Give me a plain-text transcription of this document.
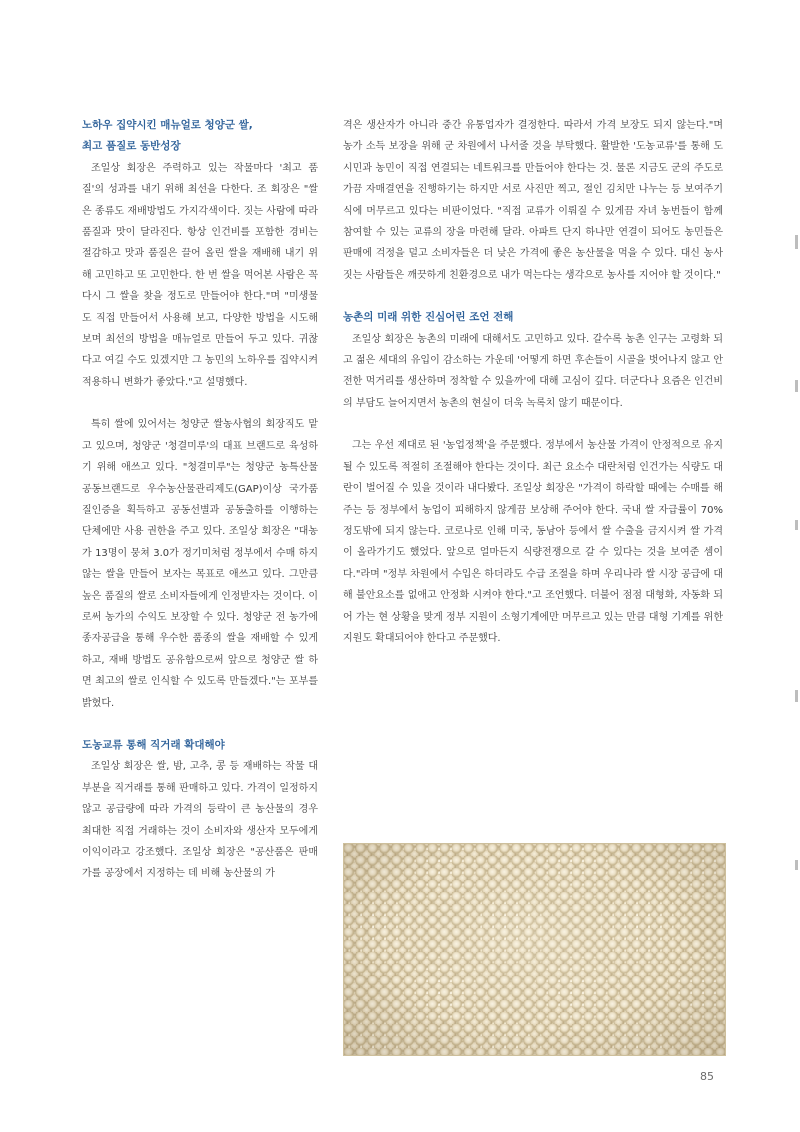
노하우 집약시킨 매뉴얼로 청양군 쌀,

최고 품질로 동반성장

조일상 회장은 주력하고 있는 작물마다 '최고 품질'의 성과를 내기 위해 최선을 다한다. 조 회장은 "쌀은 종류도 재배방법도 가지각색이다. 짓는 사람에 따라 품질과 맛이 달라진다. 항상 인건비를 포함한 경비는 절감하고 맛과 품질은 끌어 올린 쌀을 재배해 내기 위해 고민하고 또 고민한다. 한 번 쌀을 먹어본 사람은 꼭 다시 그 쌀을 찾을 정도로 만들어야 한다."며 "미생물도 직접 만들어서 사용해 보고, 다양한 방법을 시도해 보며 최선의 방법을 매뉴얼로 만들어 두고 있다. 귀찮다고 여길 수도 있겠지만 그 농민의 노하우를 집약시켜 적용하니 변화가 좋았다."고 설명했다.

특히 쌀에 있어서는 청양군 쌀농사협의 회장직도 맡고 있으며, 청양군 '청결미루'의 대표 브랜드로 육성하기 위해 애쓰고 있다. "청결미루"는 청양군 농특산물 공동브랜드로 우수농산물관리제도(GAP)이상 국가품질인증을 획득하고 공동선별과 공동출하를 이행하는 단체에만 사용 권한을 주고 있다. 조일상 회장은 "대농가 13명이 뭉쳐 3.0가 정기미처럼 정부에서 수매 하지 않는 쌀을 만들어 보자는 목표로 애쓰고 있다. 그만큼 높은 품질의 쌀로 소비자들에게 인정받자는 것이다. 이로써 농가의 수익도 보장할 수 있다. 청양군 전 농가에 종자공급을 통해 우수한 품종의 쌀을 재배할 수 있게 하고, 재배 방법도 공유함으로써 앞으로 청양군 쌀 하면 최고의 쌀로 인식할 수 있도록 만들겠다."는 포부를 밝혔다.

도농교류 통해 직거래 확대해야

조일상 회장은 쌀, 밤, 고추, 콩 등 재배하는 작물 대부분을 직거래를 통해 판매하고 있다. 가격이 일정하지 않고 공급량에 따라 가격의 등락이 큰 농산물의 경우 최대한 직접 거래하는 것이 소비자와 생산자 모두에게 이익이라고 강조했다. 조일상 회장은 "공산품은 판매가를 공장에서 지정하는 데 비해 농산물의 가

격은 생산자가 아니라 중간 유통업자가 결정한다. 따라서 가격 보장도 되지 않는다."며 농가 소득 보장을 위해 군 차원에서 나서줄 것을 부탁했다. 활발한 '도농교류'를 통해 도시민과 농민이 직접 연결되는 네트워크를 만들어야 한다는 것. 물론 지금도 군의 주도로 가끔 자매결연을 진행하기는 하지만 서로 사진만 찍고, 절인 김치만 나누는 등 보여주기 식에 머무르고 있다는 비판이었다. "직접 교류가 이뤄질 수 있게끔 자녀 농번들이 함께 참여할 수 있는 교류의 장을 마련해 달라. 아파트 단지 하나만 연결이 되어도 농민들은 판매에 걱정을 덜고 소비자들은 더 낮은 가격에 좋은 농산물을 먹을 수 있다. 대신 농사 짓는 사람들은 깨끗하게 친환경으로 내가 먹는다는 생각으로 농사를 지어야 할 것이다."

농촌의 미래 위한 진심어린 조언 전해

조일상 회장은 농촌의 미래에 대해서도 고민하고 있다. 갈수록 농촌 인구는 고령화 되고 젊은 세대의 유입이 감소하는 가운데 '어떻게 하면 후손들이 시골을 벗어나지 않고 안전한 먹거리를 생산하며 정착할 수 있을까'에 대해 고심이 깊다. 더군다나 요즘은 인건비의 부담도 늘어지면서 농촌의 현실이 더욱 녹록치 않기 때문이다.

그는 우선 제대로 된 '농업정책'을 주문했다. 정부에서 농산물 가격이 안정적으로 유지될 수 있도록 적절히 조절해야 한다는 것이다. 최근 요소수 대란처럼 인건가는 식량도 대란이 벌어질 수 있을 것이라 내다봤다. 조일상 회장은 "가격이 하락할 때에는 수매를 해 주는 등 정부에서 농업이 피해하지 않게끔 보상해 주어야 한다. 국내 쌀 자급률이 70% 정도밖에 되지 않는다. 코로나로 인해 미국, 동남아 등에서 쌀 수출을 금지시켜 쌀 가격이 올라가기도 했었다. 앞으로 얼마든지 식량전쟁으로 갈 수 있다는 것을 보여준 셈이다."라며 "정부 차원에서 수입은 하더라도 수급 조절을 하며 우리나라 쌀 시장 공급에 대해 불안요소를 없애고 안정화 시켜야 한다."고 조언했다. 더불어 점점 대형화, 자동화 되어 가는 현 상황을 맞게 정부 지원이 소형기계에만 머무르고 있는 만큼 대형 기계를 위한 지원도 확대되어야 한다고 주문했다.

85
